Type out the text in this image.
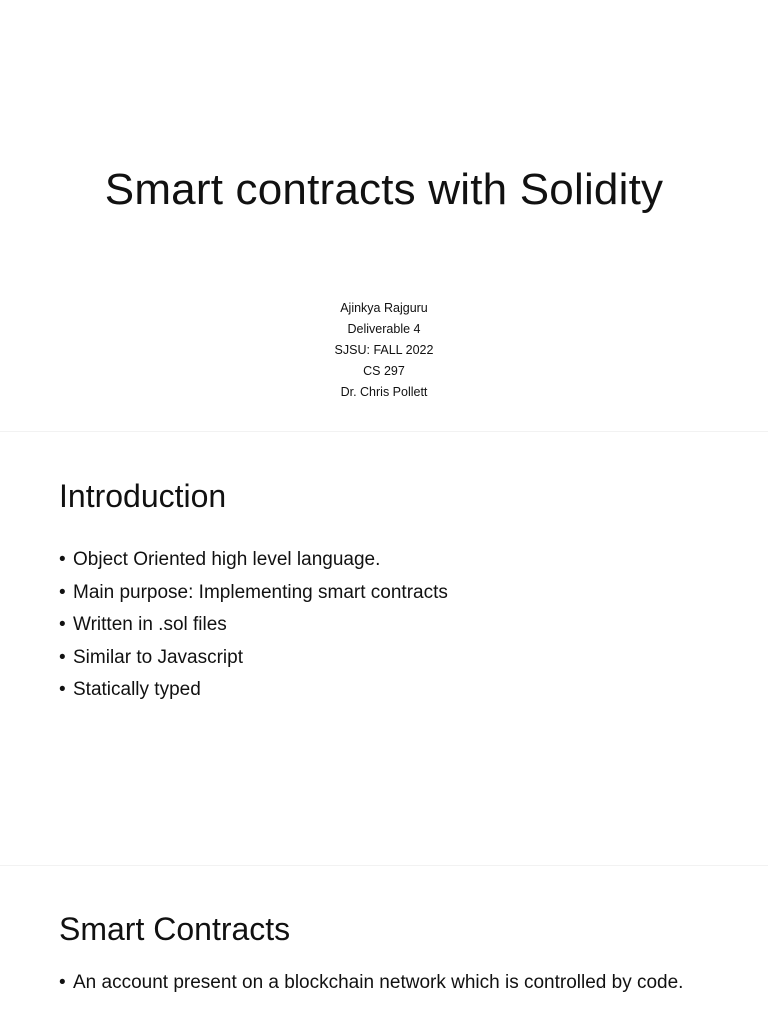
Smart contracts with Solidity
Ajinkya Rajguru
Deliverable 4
SJSU: FALL 2022
CS 297
Dr. Chris Pollett
Introduction
• Object Oriented high level language.
• Main purpose: Implementing smart contracts
• Written in .sol files
• Similar to Javascript
• Statically typed
Smart Contracts
• An account present on a blockchain network which is controlled by code.
